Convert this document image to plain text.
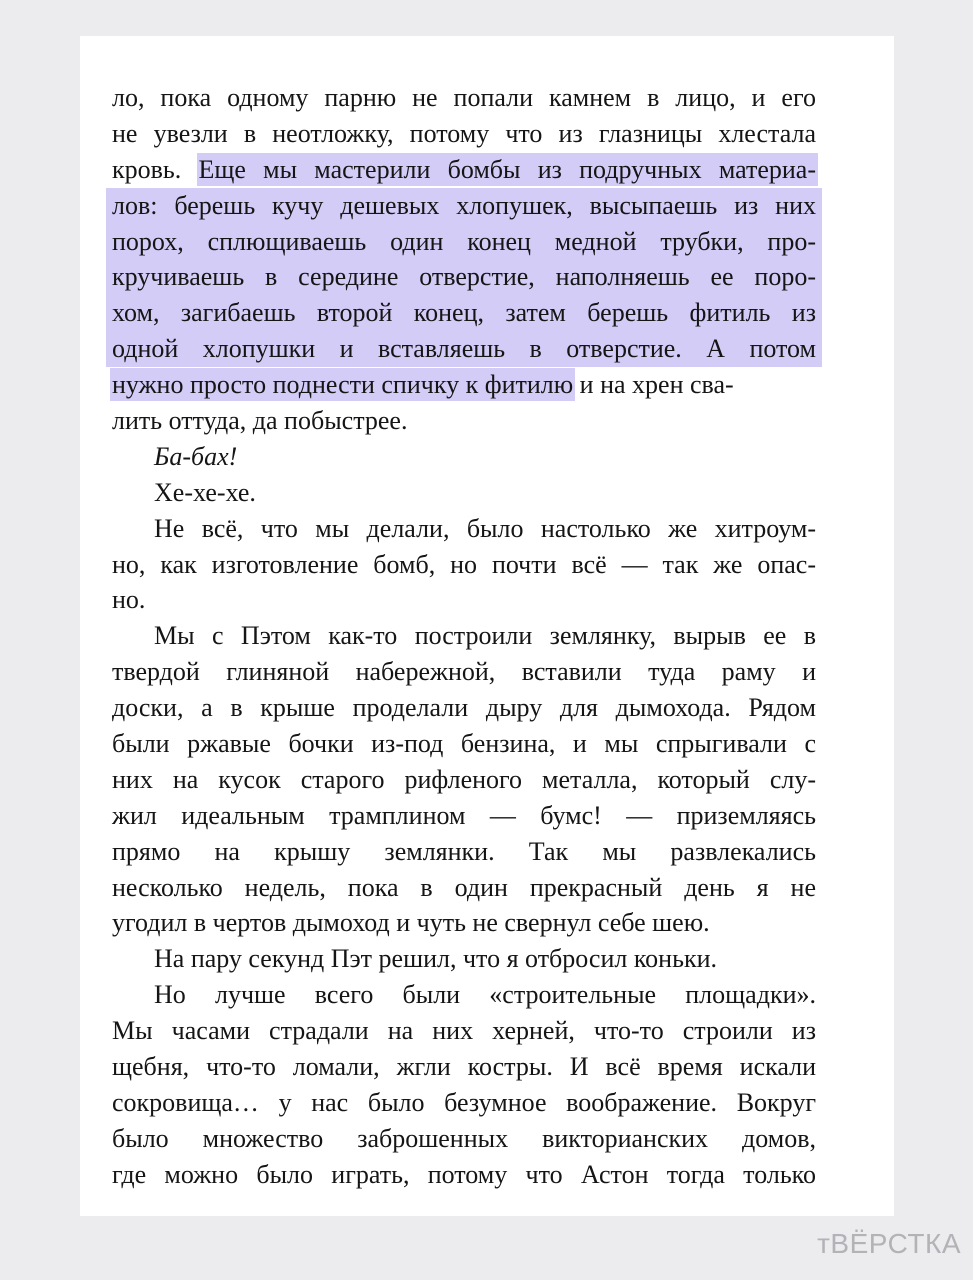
ло, пока одному парню не попали камнем в лицо, и его
не увезли в неотложку, потому что из глазницы хлестала
кровь. Еще мы мастерили бомбы из подручных материа-
лов: берешь кучу дешевых хлопушек, высыпаешь из них
порох, сплющиваешь один конец медной трубки, про-
кручиваешь в середине отверстие, наполняешь ее поро-
хом, загибаешь второй конец, затем берешь фитиль из
одной хлопушки и вставляешь в отверстие. А потом
нужно просто поднести спичку к фитилю и на хрен сва-
лить оттуда, да побыстрее.
Ба-бах!
Хе-хе-хе.
Не всё, что мы делали, было настолько же хитроум-
но, как изготовление бомб, но почти всё — так же опас-
но.
Мы с Пэтом как-то построили землянку, вырыв ее в
твердой глиняной набережной, вставили туда раму и
доски, а в крыше проделали дыру для дымохода. Рядом
были ржавые бочки из-под бензина, и мы спрыгивали с
них на кусок старого рифленого металла, который слу-
жил идеальным трамплином — бумс! — приземляясь
прямо на крышу землянки. Так мы развлекались
несколько недель, пока в один прекрасный день я не
угодил в чертов дымоход и чуть не свернул себе шею.
На пару секунд Пэт решил, что я отбросил коньки.
Но лучше всего были «строительные площадки».
Мы часами страдали на них херней, что-то строили из
щебня, что-то ломали, жгли костры. И всё время искали
сокровища… у нас было безумное воображение. Вокруг
было множество заброшенных викторианских домов,
где можно было играть, потому что Астон тогда только
тВЁРСТКА
